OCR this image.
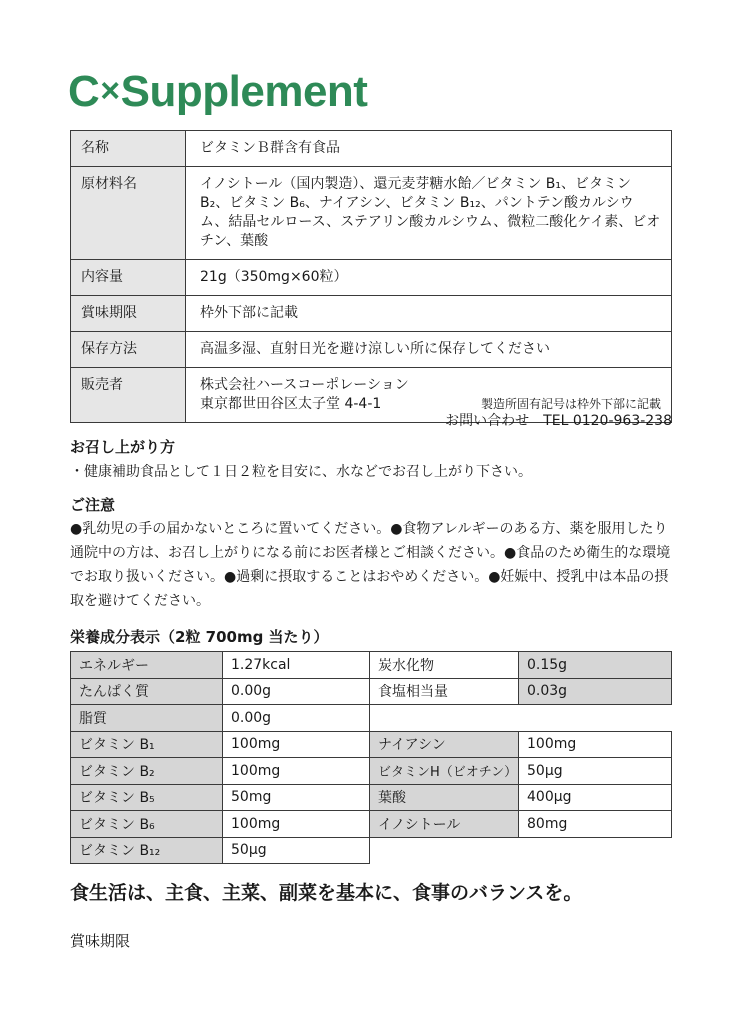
C×Supplement
名称	ビタミンＢ群含有食品
原材料名	イノシトール（国内製造）、還元麦芽糖水飴／ビタミン B₁、ビタミン B₂、ビタミン B₆、ナイアシン、ビタミン B₁₂、パントテン酸カルシウム、結晶セルロース、ステアリン酸カルシウム、微粒二酸化ケイ素、ビオチン、葉酸
内容量	21g（350mg×60粒）
賞味期限	枠外下部に記載
保存方法	高温多湿、直射日光を避け涼しい所に保存してください
販売者	株式会社ハースコーポレーション
東京都世田谷区太子堂 4-4-1 製造所固有記号は枠外下部に記載
お問い合わせ　TEL 0120-963-238
お召し上がり方
・健康補助食品として１日２粒を目安に、水などでお召し上がり下さい。
ご注意
●乳幼児の手の届かないところに置いてください。●食物アレルギーのある方、薬を服用したり通院中の方は、お召し上がりになる前にお医者様とご相談ください。●食品のため衛生的な環境でお取り扱いください。●過剰に摂取することはおやめください。●妊娠中、授乳中は本品の摂取を避けてください。
栄養成分表示（2粒 700mg 当たり）
エネルギー	1.27kcal	炭水化物	0.15g
たんぱく質	0.00g	食塩相当量	0.03g
脂質	0.00g		
ビタミン B₁	100mg	ナイアシン	100mg
ビタミン B₂	100mg	ビタミンH（ビオチン）	50μg
ビタミン B₅	50mg	葉酸	400μg
ビタミン B₆	100mg	イノシトール	80mg
ビタミン B₁₂	50μg		
食生活は、主食、主菜、副菜を基本に、食事のバランスを。
賞味期限
